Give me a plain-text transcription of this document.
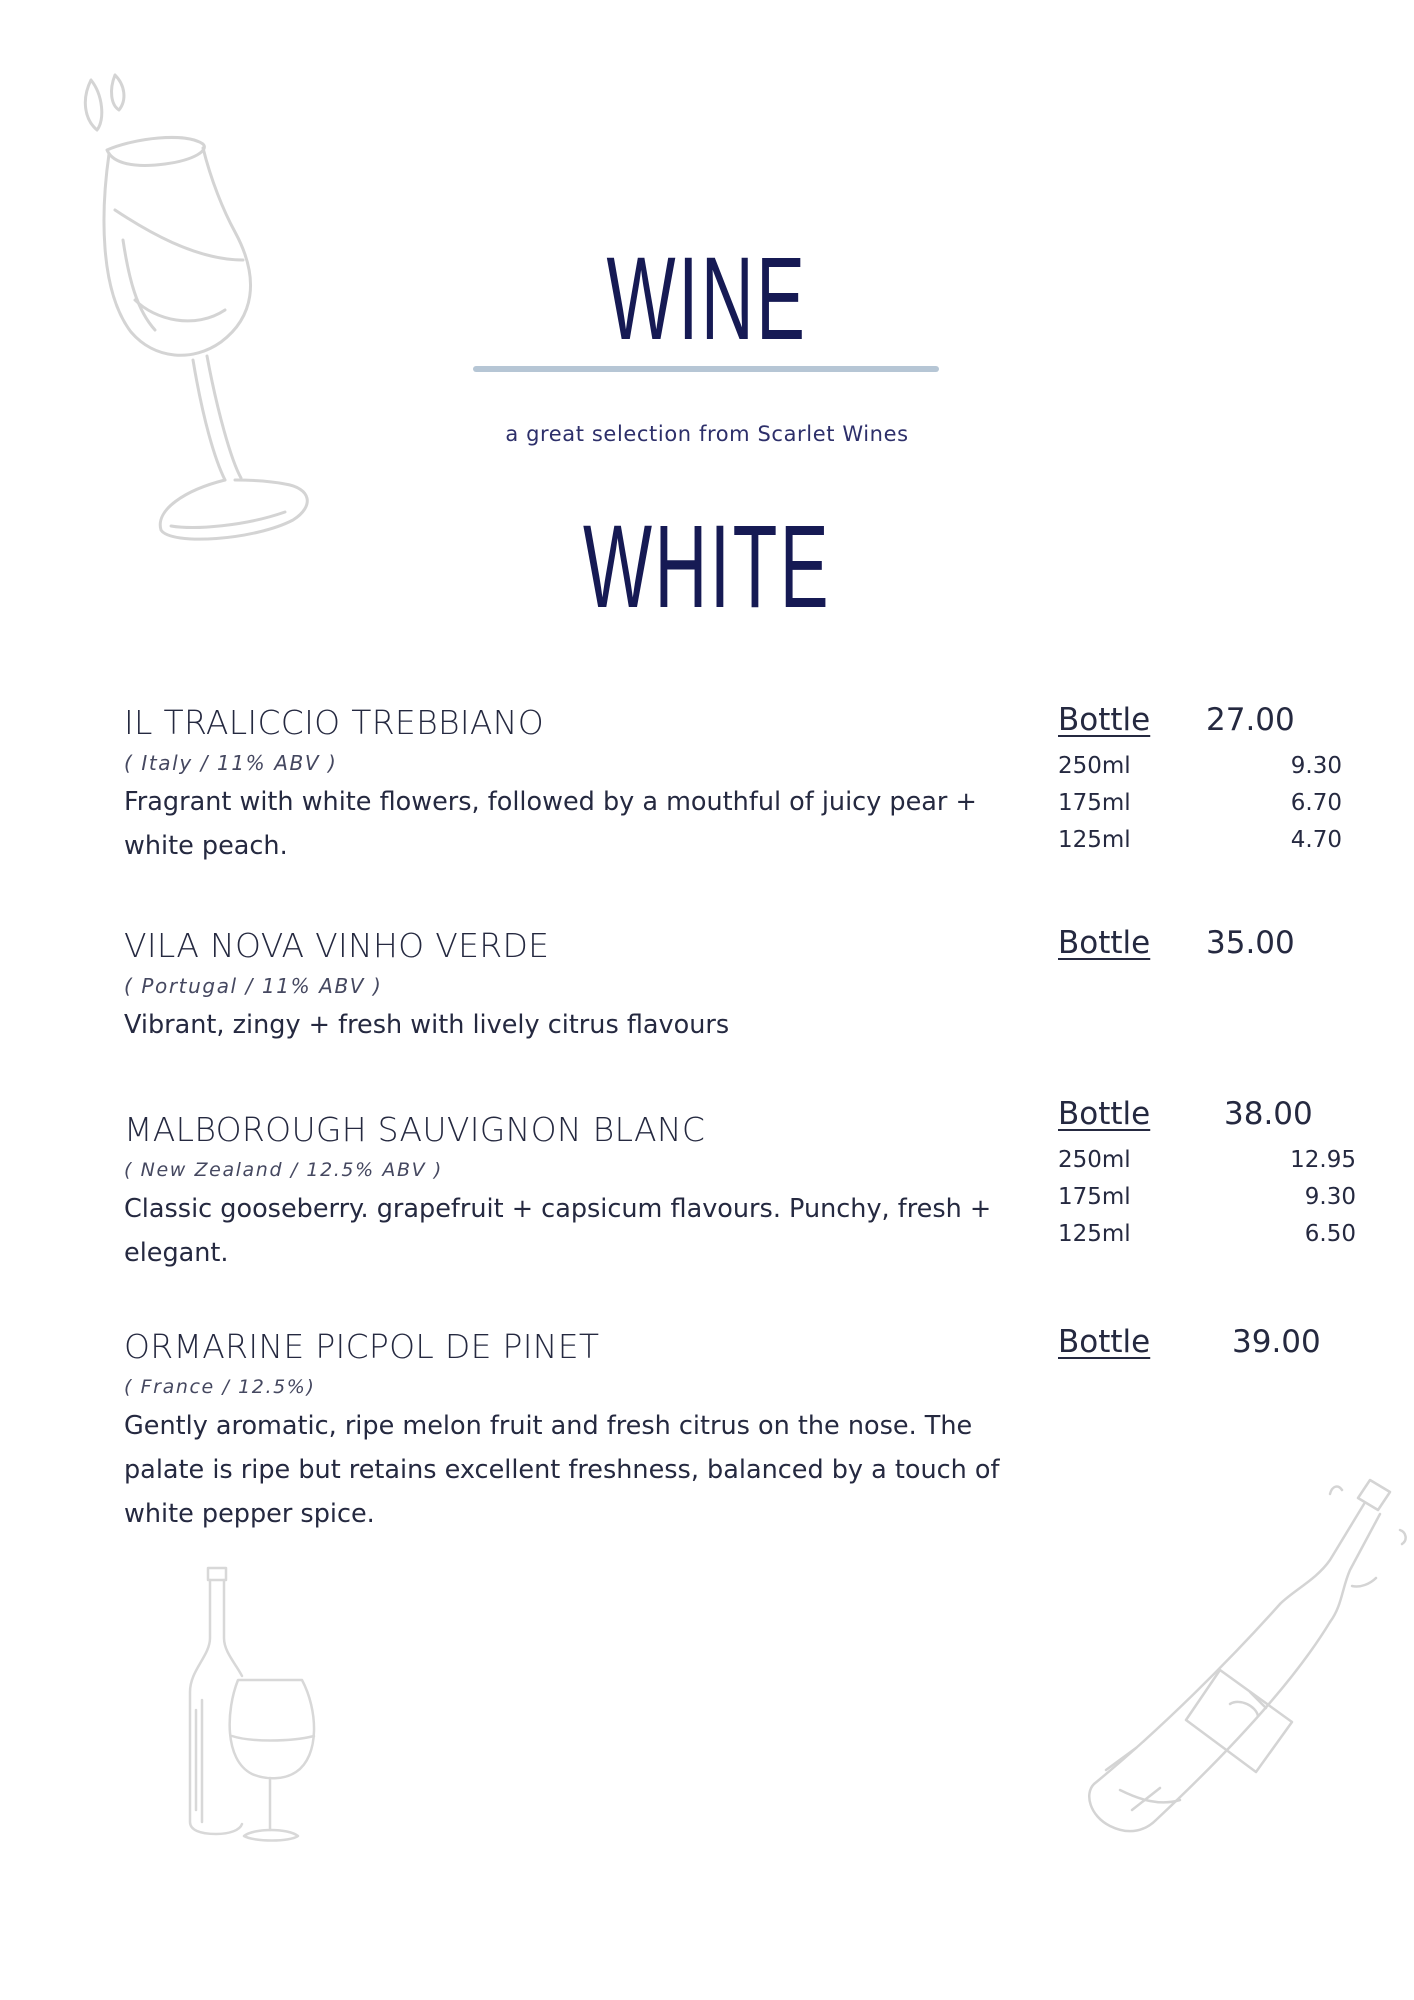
WINE
a great selection from Scarlet Wines
WHITE
IL TRALICCIO TREBBIANO
( Italy / 11% ABV )
Fragrant with white flowers, followed by a mouthful of juicy pear + white peach.
Bottle 27.00
250ml	9.30
175ml	6.70
125ml	4.70
VILA NOVA VINHO VERDE
( Portugal / 11% ABV )
Vibrant, zingy + fresh with lively citrus flavours
Bottle 35.00
MALBOROUGH SAUVIGNON BLANC
( New Zealand / 12.5% ABV )
Classic gooseberry. grapefruit + capsicum flavours. Punchy, fresh + elegant.
Bottle 38.00
250ml	12.95
175ml	9.30
125ml	6.50
ORMARINE PICPOL DE PINET
( France / 12.5%)
Gently aromatic, ripe melon fruit and fresh citrus on the nose. The palate is ripe but retains excellent freshness, balanced by a touch of white pepper spice.
Bottle	39.00
